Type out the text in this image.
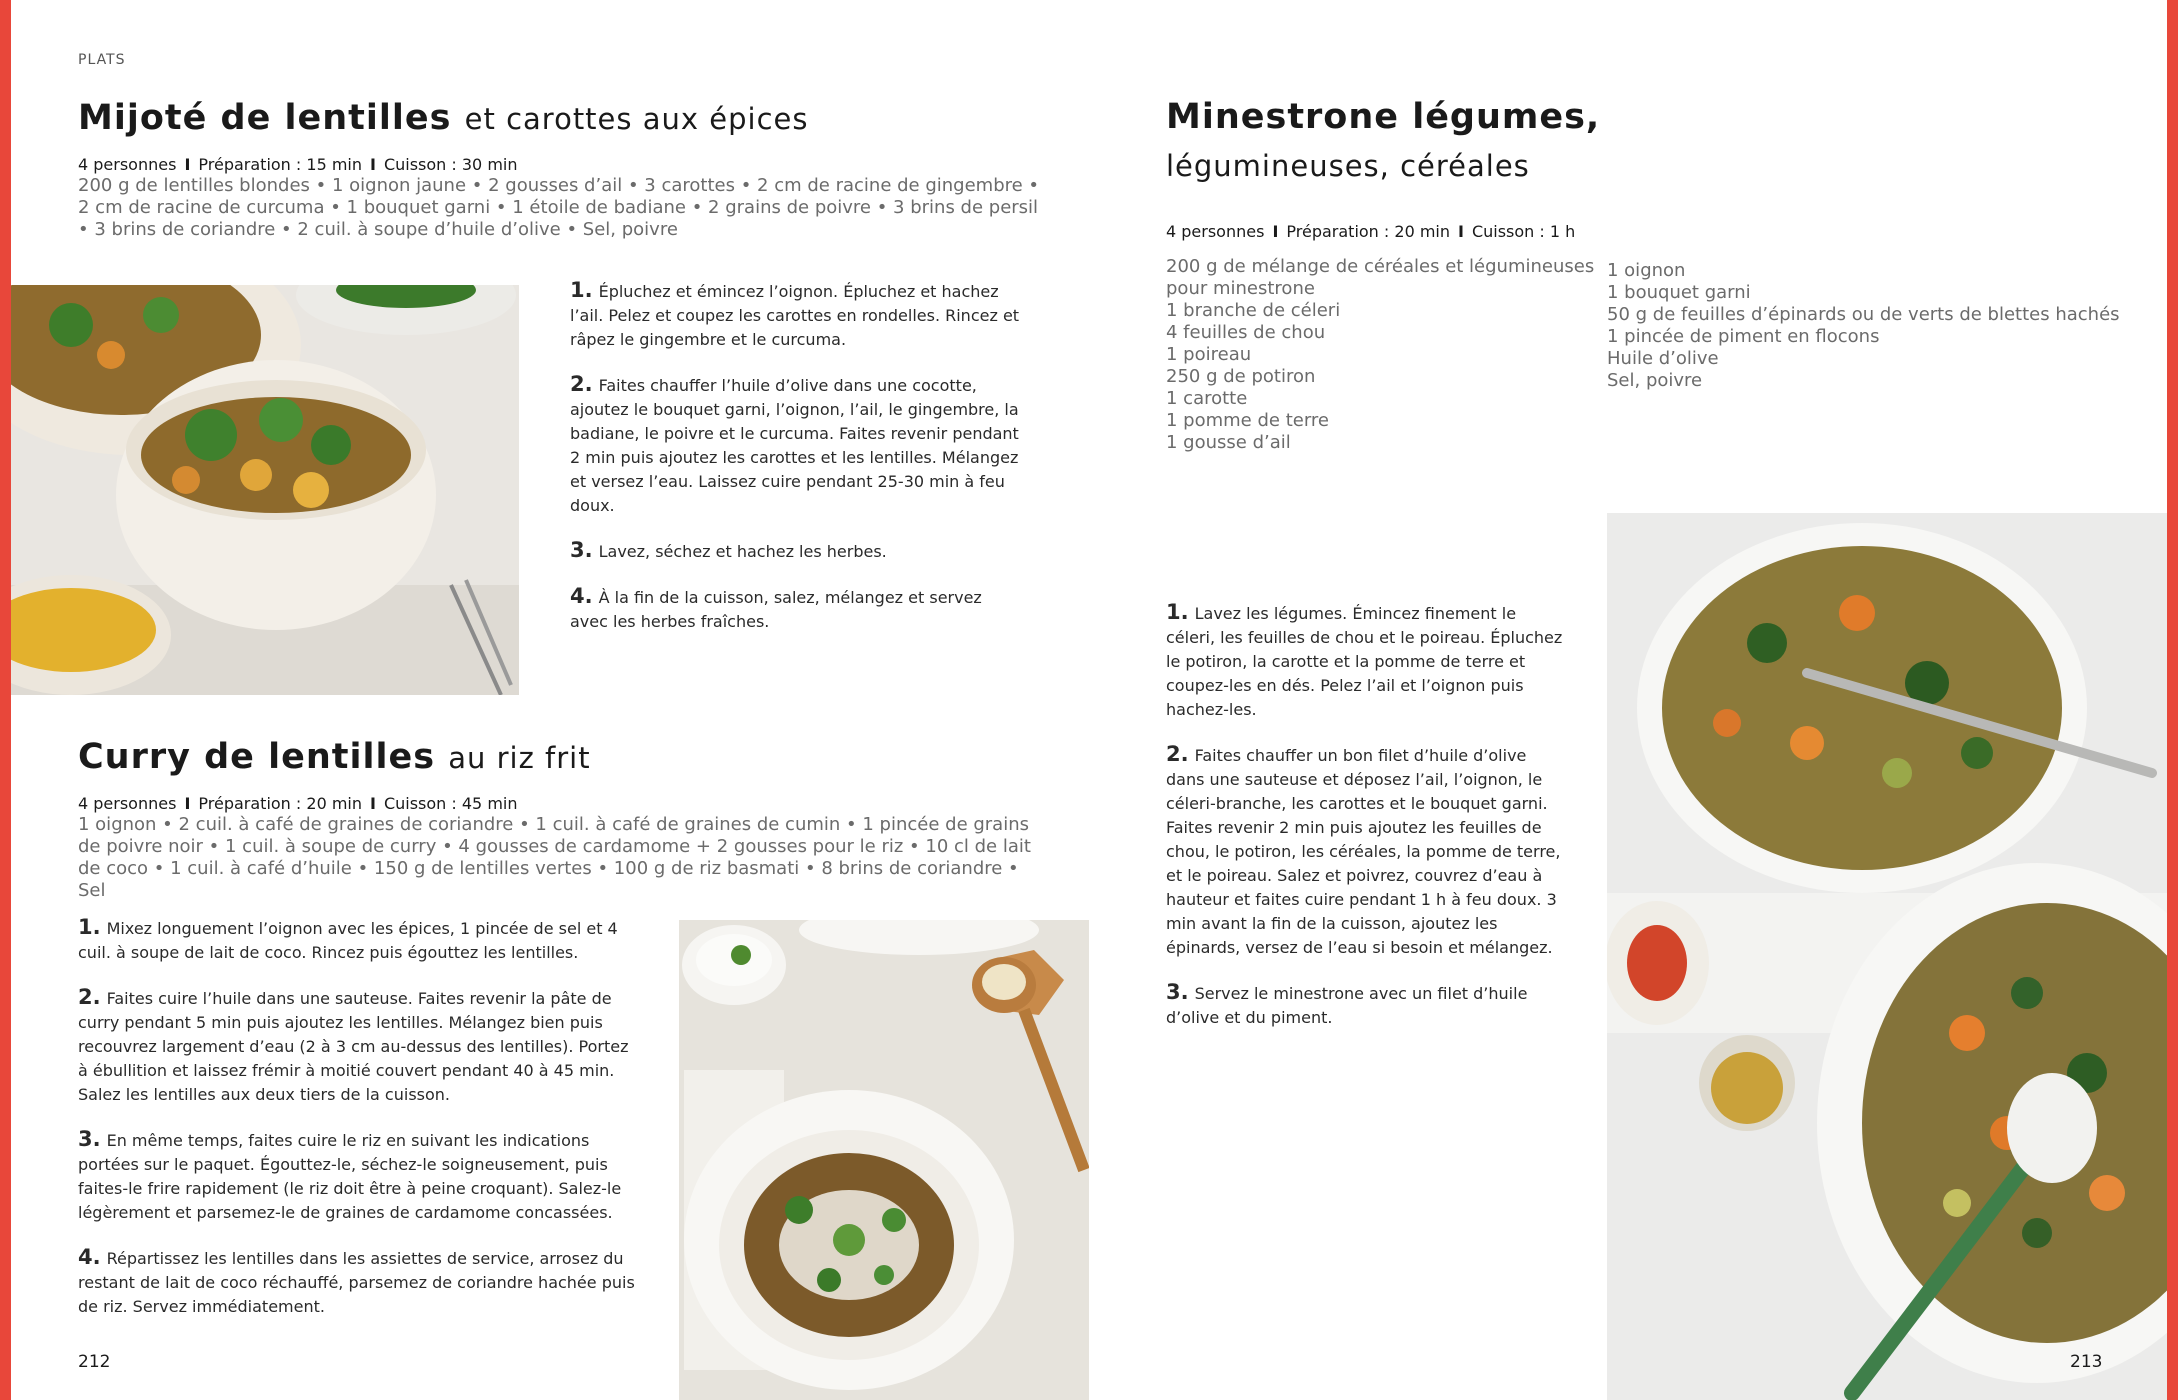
PLATS
Mijoté de lentilles et carottes aux épices
4 personnes I Préparation : 15 min I Cuisson : 30 min
200 g de lentilles blondes • 1 oignon jaune • 2 gousses d’ail • 3 carottes • 2 cm de racine de gingembre • 2 cm de racine de curcuma • 1 bouquet garni • 1 étoile de badiane • 2 grains de poivre • 3 brins de persil • 3 brins de coriandre • 2 cuil. à soupe d’huile d’olive • Sel, poivre
1. Épluchez et émincez l’oignon. Épluchez et hachez l’ail. Pelez et coupez les carottes en rondelles. Rincez et râpez le gingembre et le curcuma.
2. Faites chauffer l’huile d’olive dans une cocotte, ajoutez le bouquet garni, l’oignon, l’ail, le gingembre, la badiane, le poivre et le curcuma. Faites revenir pendant 2 min puis ajoutez les carottes et les lentilles. Mélangez et versez l’eau. Laissez cuire pendant 25-30 min à feu doux.
3. Lavez, séchez et hachez les herbes.
4. À la fin de la cuisson, salez, mélangez et servez avec les herbes fraîches.
Curry de lentilles au riz frit
4 personnes I Préparation : 20 min I Cuisson : 45 min
1 oignon • 2 cuil. à café de graines de coriandre • 1 cuil. à café de graines de cumin • 1 pincée de grains de poivre noir • 1 cuil. à soupe de curry • 4 gousses de cardamome + 2 gousses pour le riz • 10 cl de lait de coco • 1 cuil. à café d’huile • 150 g de lentilles vertes • 100 g de riz basmati • 8 brins de coriandre • Sel
1. Mixez longuement l’oignon avec les épices, 1 pincée de sel et 4 cuil. à soupe de lait de coco. Rincez puis égouttez les lentilles.
2. Faites cuire l’huile dans une sauteuse. Faites revenir la pâte de curry pendant 5 min puis ajoutez les lentilles. Mélangez bien puis recouvrez largement d’eau (2 à 3 cm au-dessus des lentilles). Portez à ébullition et laissez frémir à moitié couvert pendant 40 à 45 min. Salez les lentilles aux deux tiers de la cuisson.
3. En même temps, faites cuire le riz en suivant les indications portées sur le paquet. Égouttez-le, séchez-le soigneusement, puis faites-le frire rapidement (le riz doit être à peine croquant). Salez-le légèrement et parsemez-le de graines de cardamome concassées.
4. Répartissez les lentilles dans les assiettes de service, arrosez du restant de lait de coco réchauffé, parsemez de coriandre hachée puis de riz. Servez immédiatement.
Minestrone légumes,
légumineuses, céréales
4 personnes I Préparation : 20 min I Cuisson : 1 h
200 g de mélange de céréales et légumineuses
pour minestrone
1 branche de céleri
4 feuilles de chou
1 poireau
250 g de potiron
1 carotte
1 pomme de terre
1 gousse d’ail
1 oignon
1 bouquet garni
50 g de feuilles d’épinards ou de verts de blettes hachés
1 pincée de piment en flocons
Huile d’olive
Sel, poivre
1. Lavez les légumes. Émincez finement le céleri, les feuilles de chou et le poireau. Épluchez le potiron, la carotte et la pomme de terre et coupez-les en dés. Pelez l’ail et l’oignon puis hachez-les.
2. Faites chauffer un bon filet d’huile d’olive dans une sauteuse et déposez l’ail, l’oignon, le céleri-branche, les carottes et le bouquet garni. Faites revenir 2 min puis ajoutez les feuilles de chou, le potiron, les céréales, la pomme de terre, et le poireau. Salez et poivrez, couvrez d’eau à hauteur et faites cuire pendant 1 h à feu doux. 3 min avant la fin de la cuisson, ajoutez les épinards, versez de l’eau si besoin et mélangez.
3. Servez le minestrone avec un filet d’huile d’olive et du piment.
212	213
